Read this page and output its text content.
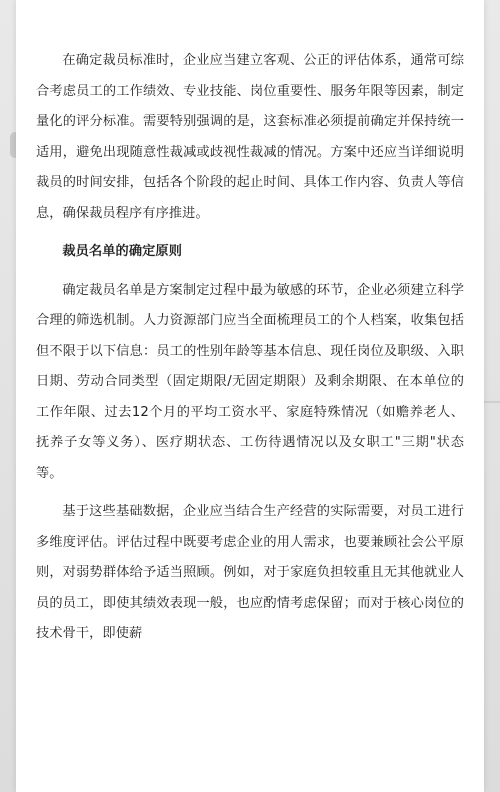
在确定裁员标准时，企业应当建立客观、公正的评估体系，通常可综合考虑员工的工作绩效、专业技能、岗位重要性、服务年限等因素，制定量化的评分标准。需要特别强调的是，这套标准必须提前确定并保持统一适用，避免出现随意性裁减或歧视性裁减的情况。方案中还应当详细说明裁员的时间安排，包括各个阶段的起止时间、具体工作内容、负责人等信息，确保裁员程序有序推进。

裁员名单的确定原则

确定裁员名单是方案制定过程中最为敏感的环节，企业必须建立科学合理的筛选机制。人力资源部门应当全面梳理员工的个人档案，收集包括但不限于以下信息：员工的性别年龄等基本信息、现任岗位及职级、入职日期、劳动合同类型（固定期限/无固定期限）及剩余期限、在本单位的工作年限、过去12个月的平均工资水平、家庭特殊情况（如赡养老人、抚养子女等义务）、医疗期状态、工伤待遇情况以及女职工"三期"状态等。

基于这些基础数据，企业应当结合生产经营的实际需要，对员工进行多维度评估。评估过程中既要考虑企业的用人需求，也要兼顾社会公平原则，对弱势群体给予适当照顾。例如，对于家庭负担较重且无其他就业人员的员工，即使其绩效表现一般，也应酌情考虑保留；而对于核心岗位的技术骨干，即使薪
